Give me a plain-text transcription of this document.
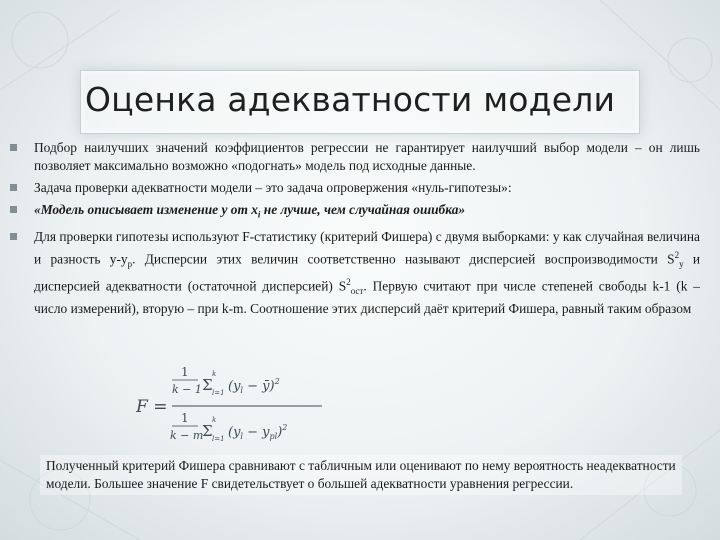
Оценка адекватности модели
Подбор наилучших значений коэффициентов регрессии не гарантирует наилучший выбор модели – он лишь позволяет максимально возможно «подогнать» модель под исходные данные.
Задача проверки адекватности модели – это задача опровержения «нуль-гипотезы»:
«Модель описывает изменение y от $x_i$ не лучше, чем случайная ошибка»
Для проверки гипотезы используют F-статистику (критерий Фишера) с двумя выборками: y как случайная величина и разность $y-y_p$. Дисперсии этих величин соответственно называют дисперсией воспроизводимости $S^2_y$ и дисперсией адекватности (остаточной дисперсией) $S^2_{ост}$. Первую считают при числе степеней свободы k-1 (k – число измерений), вторую – при k-m. Соотношение этих дисперсий даёт критерий Фишера, равный таким образом
F =
1
k − 1 Σ
k
l=1 ($y_l$ − ȳ)$^2$
1
k − m
Σ
k
l=1 $(y_l - y_{pl})^2$
Полученный критерий Фишера сравнивают с табличным или оценивают по нему вероятность неадекватности модели. Большее значение F свидетельствует о большей адекватности уравнения регрессии.
